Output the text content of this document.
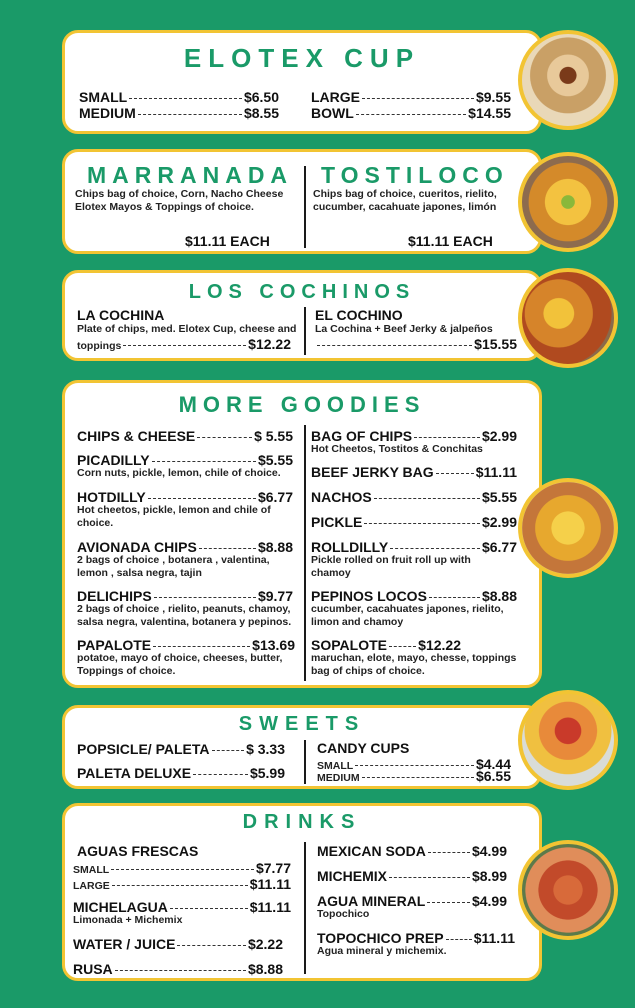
ELOTEX CUP
SMALL	$6.50
MEDIUM	$8.55
LARGE	$9.55
BOWL	$14.55
MARRANADA
Chips bag of choice, Corn, Nacho Cheese Elotex Mayos & Toppings of choice.
$11.11 EACH
TOSTILOCO
Chips bag of choice, cueritos, rielito, cucumber, cacahuate japones, limón
$11.11 EACH
LOS COCHINOS
LA COCHINA
Plate of chips, med. Elotex Cup, cheese and
toppings	$12.22
EL COCHINO
La Cochina + Beef Jerky & jalpeños
$15.55
MORE GOODIES
CHIPS & CHEESE	$ 5.55
PICADILLY	$5.55
Corn nuts, pickle, lemon, chile of choice.
HOTDILLY	$6.77
Hot cheetos, pickle, lemon and chile of choice.
AVIONADA CHIPS	$8.88
2 bags of choice , botanera , valentina, lemon , salsa negra, tajin
DELICHIPS	$9.77
2 bags of choice , rielito, peanuts, chamoy, salsa negra, valentina, botanera y pepinos.
PAPALOTE	$13.69
potatoe, mayo of choice, cheeses, butter, Toppings of choice.
BAG OF CHIPS	$2.99
Hot Cheetos, Tostitos & Conchitas
BEEF JERKY BAG	$11.11
NACHOS	$5.55
PICKLE	$2.99
ROLLDILLY	$6.77
Pickle rolled on fruit roll up with chamoy
PEPINOS LOCOS	$8.88
cucumber, cacahuates japones, rielito, limon and chamoy
SOPALOTE $12.22
maruchan, elote, mayo, chesse, toppings bag of chips of choice.
SWEETS
POPSICLE/ PALETA	$ 3.33
PALETA DELUXE	$5.99
CANDY CUPS
SMALL	$4.44
MEDIUM	$6.55
DRINKS
AGUAS FRESCAS
SMALL	$7.77
LARGE	$11.11
MICHELAGUA	$11.11
Limonada + Michemix
WATER / JUICE	$2.22
RUSA	$8.88
MEXICAN SODA	$4.99
MICHEMIX	$8.99
AGUA MINERAL	$4.99
Topochico
TOPOCHICO PREP $11.11
Agua mineral y michemix.
